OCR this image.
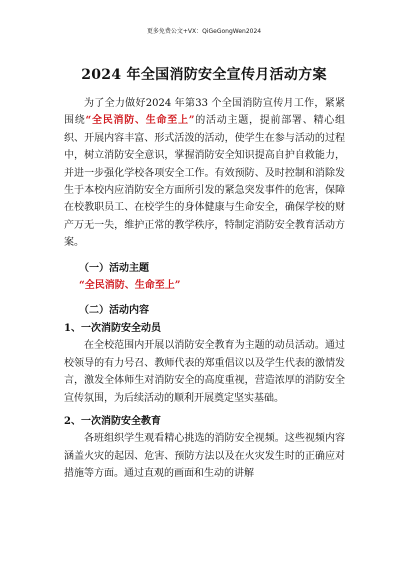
更多免费公文+VX：QiGeGongWen2024
2024 年全国消防安全宣传月活动方案

为了全力做好2024 年第33 个全国消防宣传月工作，紧紧围绕“全民消防、生命至上”的活动主题，提前部署、精心组织、开展内容丰富、形式活泼的活动，使学生在参与活动的过程中，树立消防安全意识，掌握消防安全知识提高自护自救能力，并进一步强化学校各项安全工作。有效预防、及时控制和消除发生于本校内应消防安全方面所引发的紧急突发事件的危害，保障在校教职员工、在校学生的身体健康与生命安全，确保学校的财产万无一失，维护正常的教学秩序，特制定消防安全教育活动方案。

（一）活动主题
“全民消防、生命至上”
（二）活动内容
1、一次消防安全动员

在全校范围内开展以消防安全教育为主题的动员活动。通过校领导的有力号召、教师代表的郑重倡议以及学生代表的激情发言，激发全体师生对消防安全的高度重视，营造浓厚的消防安全宣传氛围，为后续活动的顺利开展奠定坚实基础。

2、一次消防安全教育

各班组织学生观看精心挑选的消防安全视频。这些视频内容涵盖火灾的起因、危害、预防方法以及在火灾发生时的正确应对措施等方面。通过直观的画面和生动的讲解
